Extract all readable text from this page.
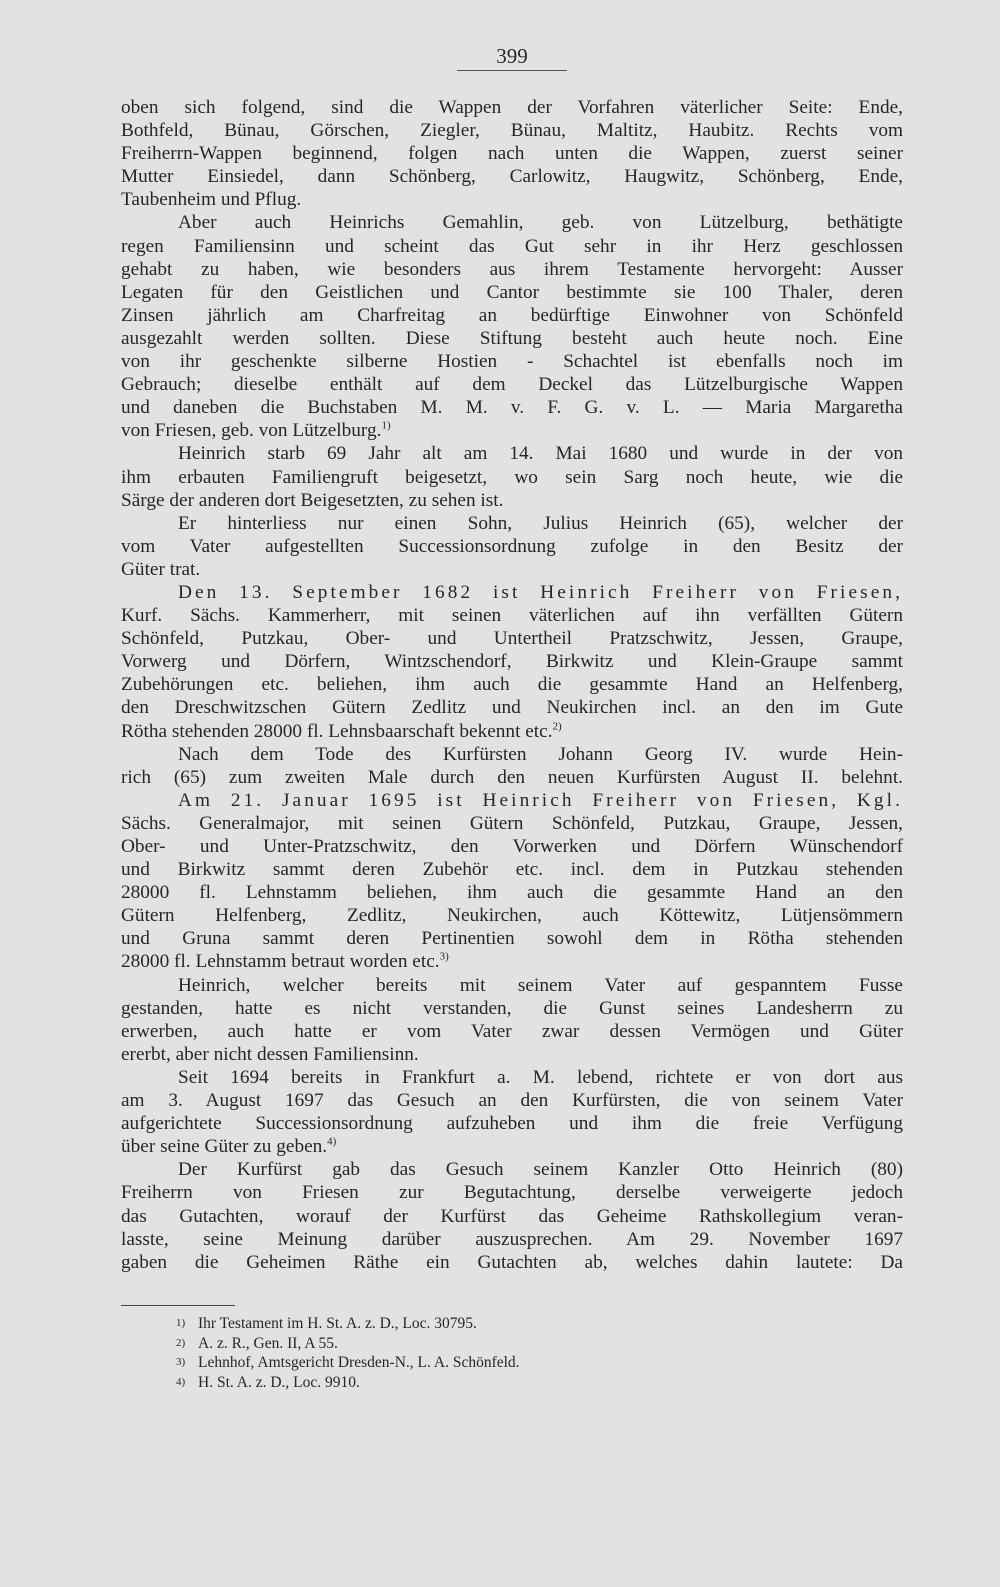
399
oben sich folgend, sind die Wappen der Vorfahren väterlicher Seite: Ende,
Bothfeld, Bünau, Görschen, Ziegler, Bünau, Maltitz, Haubitz. Rechts vom
Freiherrn-Wappen beginnend, folgen nach unten die Wappen, zuerst seiner
Mutter Einsiedel, dann Schönberg, Carlowitz, Haugwitz, Schönberg, Ende,
Taubenheim und Pflug.
Aber auch Heinrichs Gemahlin, geb. von Lützelburg, bethätigte
regen Familiensinn und scheint das Gut sehr in ihr Herz geschlossen
gehabt zu haben, wie besonders aus ihrem Testamente hervorgeht: Ausser
Legaten für den Geistlichen und Cantor bestimmte sie 100 Thaler, deren
Zinsen jährlich am Charfreitag an bedürftige Einwohner von Schönfeld
ausgezahlt werden sollten. Diese Stiftung besteht auch heute noch. Eine
von ihr geschenkte silberne Hostien - Schachtel ist ebenfalls noch im
Gebrauch; dieselbe enthält auf dem Deckel das Lützelburgische Wappen
und daneben die Buchstaben M. M. v. F. G. v. L. — Maria Margaretha
von Friesen, geb. von Lützelburg.$^{1)}$
Heinrich starb 69 Jahr alt am 14. Mai 1680 und wurde in der von
ihm erbauten Familiengruft beigesetzt, wo sein Sarg noch heute, wie die
Särge der anderen dort Beigesetzten, zu sehen ist.
Er hinterliess nur einen Sohn, Julius Heinrich (65), welcher der
vom Vater aufgestellten Successionsordnung zufolge in den Besitz der
Güter trat.
Den 13. September 1682 ist Heinrich Freiherr von Friesen,
Kurf. Sächs. Kammerherr, mit seinen väterlichen auf ihn verfällten Gütern
Schönfeld, Putzkau, Ober- und Untertheil Pratzschwitz, Jessen, Graupe,
Vorwerg und Dörfern, Wintzschendorf, Birkwitz und Klein-Graupe sammt
Zubehörungen etc. beliehen, ihm auch die gesammte Hand an Helfenberg,
den Dreschwitzschen Gütern Zedlitz und Neukirchen incl. an den im Gute
Rötha stehenden 28000 fl. Lehnsbaarschaft bekennt etc.$^{2)}$
Nach dem Tode des Kurfürsten Johann Georg IV. wurde Hein-
rich (65) zum zweiten Male durch den neuen Kurfürsten August II. belehnt.
Am 21. Januar 1695 ist Heinrich Freiherr von Friesen, Kgl.
Sächs. Generalmajor, mit seinen Gütern Schönfeld, Putzkau, Graupe, Jessen,
Ober- und Unter-Pratzschwitz, den Vorwerken und Dörfern Wünschendorf
und Birkwitz sammt deren Zubehör etc. incl. dem in Putzkau stehenden
28000 fl. Lehnstamm beliehen, ihm auch die gesammte Hand an den
Gütern Helfenberg, Zedlitz, Neukirchen, auch Köttewitz, Lütjensömmern
und Gruna sammt deren Pertinentien sowohl dem in Rötha stehenden
28000 fl. Lehnstamm betraut worden etc.$^{3)}$
Heinrich, welcher bereits mit seinem Vater auf gespanntem Fusse
gestanden, hatte es nicht verstanden, die Gunst seines Landesherrn zu
erwerben, auch hatte er vom Vater zwar dessen Vermögen und Güter
ererbt, aber nicht dessen Familiensinn.
Seit 1694 bereits in Frankfurt a. M. lebend, richtete er von dort aus
am 3. August 1697 das Gesuch an den Kurfürsten, die von seinem Vater
aufgerichtete Successionsordnung aufzuheben und ihm die freie Verfügung
über seine Güter zu geben.$^{4)}$
Der Kurfürst gab das Gesuch seinem Kanzler Otto Heinrich (80)
Freiherrn von Friesen zur Begutachtung, derselbe verweigerte jedoch
das Gutachten, worauf der Kurfürst das Geheime Rathskollegium veran-
lasste, seine Meinung darüber auszusprechen. Am 29. November 1697
gaben die Geheimen Räthe ein Gutachten ab, welches dahin lautete: Da
1) Ihr Testament im H. St. A. z. D., Loc. 30795.
2) A. z. R., Gen. II, A 55.
3) Lehnhof, Amtsgericht Dresden-N., L. A. Schönfeld.
4) H. St. A. z. D., Loc. 9910.
